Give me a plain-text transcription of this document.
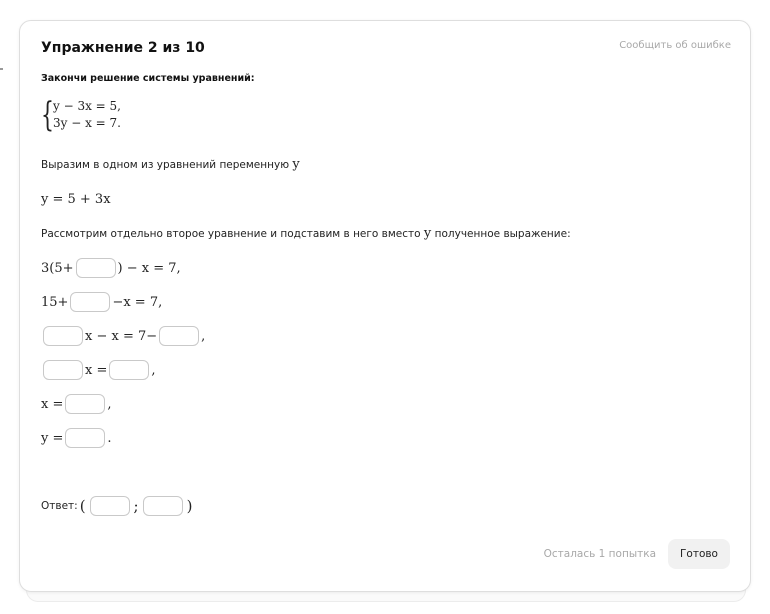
Упражнение 2 из 10	Сообщить об ошибке
Закончи решение системы уравнений:
{ y − 3x = 5,
3y − x = 7.
Выразим в одном из уравнений переменную y
y = 5 + 3x
Рассмотрим отдельно второе уравнение и подставим в него вместо y полученное выражение:
3(5+	) − x = 7,
15+	−x = 7,
x − x = 7−	,
x =	,
x =	,
y =	.
Ответ: (	;	)
Осталась 1 попытка Готово
